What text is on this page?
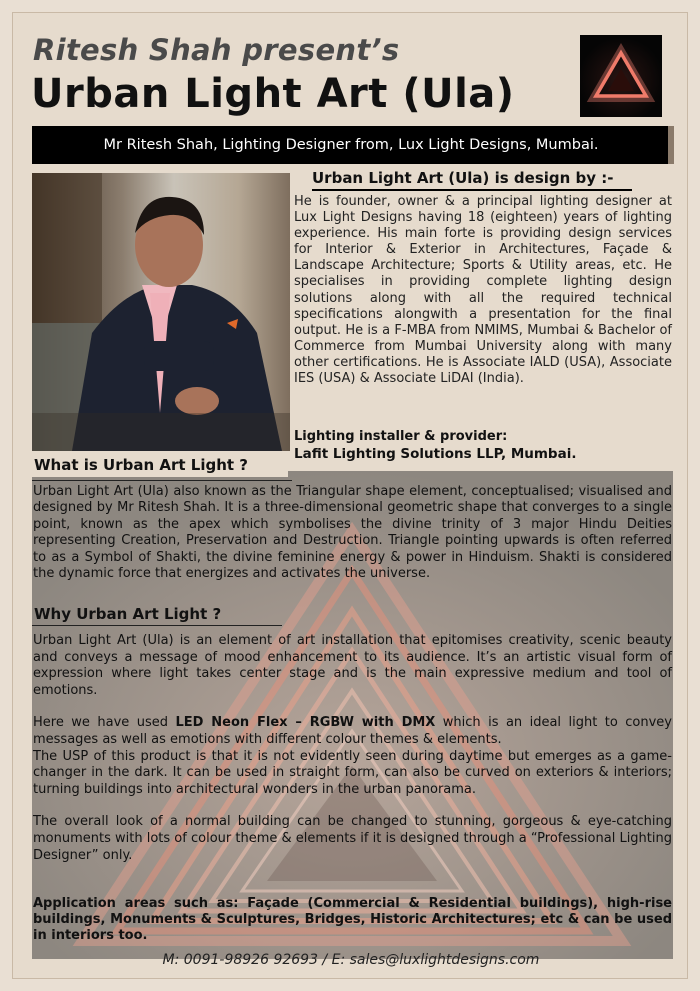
Ritesh Shah present’s
Urban Light Art (Ula)
Mr Ritesh Shah, Lighting Designer from, Lux Light Designs, Mumbai.
Urban Light Art (Ula) is design by :-
He is founder, owner & a principal lighting designer at Lux Light Designs having 18 (eighteen) years of lighting experience. His main forte is providing design services for Interior & Exterior in Architectures, Façade & Landscape Architecture; Sports & Utility areas, etc. He specialises in providing complete lighting design solutions along with all the required technical specifications alongwith a presentation for the final output. He is a F-MBA from NMIMS, Mumbai & Bachelor of Commerce from Mumbai University along with many other certifications. He is Associate IALD (USA), Associate IES (USA) & Associate LiDAI (India).
Lighting installer & provider:
Lafit Lighting Solutions LLP, Mumbai.
What is Urban Art Light ?
Urban Light Art (Ula) also known as the Triangular shape element, conceptualised; visualised and designed by Mr Ritesh Shah. It is a three-dimensional geometric shape that converges to a single point, known as the apex which symbolises the divine trinity of 3 major Hindu Deities representing Creation, Preservation and Destruction. Triangle pointing upwards is often referred to as a Symbol of Shakti, the divine feminine energy & power in Hinduism. Shakti is considered the dynamic force that energizes and activates the universe.
Why Urban Art Light ?

Urban Light Art (Ula) is an element of art installation that epitomises creativity, scenic beauty and conveys a message of mood enhancement to its audience. It’s an artistic visual form of expression where light takes center stage and is the main expressive medium and tool of emotions.

Here we have used LED Neon Flex – RGBW with DMX which is an ideal light to convey messages as well as emotions with different colour themes & elements.

The USP of this product is that it is not evidently seen during daytime but emerges as a game-changer in the dark. It can be used in straight form, can also be curved on exteriors & interiors; turning buildings into architectural wonders in the urban panorama.

The overall look of a normal building can be changed to stunning, gorgeous & eye-catching monuments with lots of colour theme & elements if it is designed through a “Professional Lighting Designer” only.

Application areas such as: Façade (Commercial & Residential buildings), high-rise buildings, Monuments & Sculptures, Bridges, Historic Architectures; etc & can be used in interiors too.
M: 0091-98926 92693 / E: sales@luxlightdesigns.com
